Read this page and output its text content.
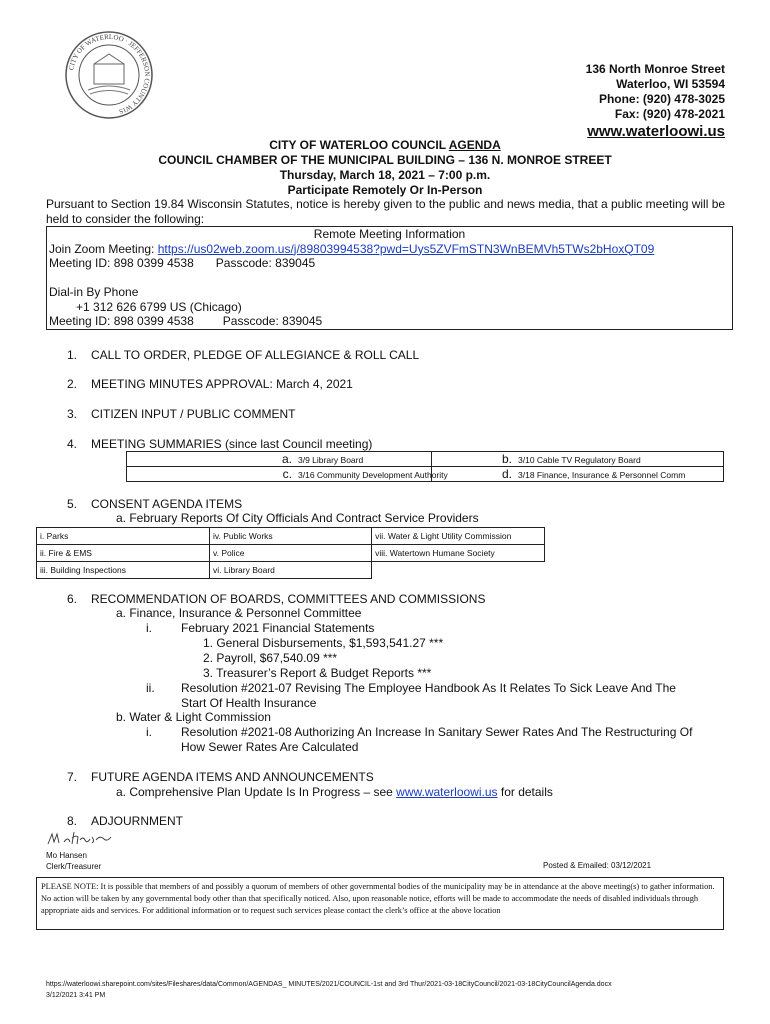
CITY OF WATERLOO · JEFFERSON COUNTY WIS
136 North Monroe Street
Waterloo, WI 53594
Phone: (920) 478-3025
Fax: (920) 478-2021
www.waterloowi.us
CITY OF WATERLOO COUNCIL AGENDA
COUNCIL CHAMBER OF THE MUNICIPAL BUILDING – 136 N. MONROE STREET
Thursday, March 18, 2021 – 7:00 p.m.
Participate Remotely Or In-Person
Pursuant to Section 19.84 Wisconsin Statutes, notice is hereby given to the public and news media, that a public meeting will be held to consider the following:
Remote Meeting Information
Join Zoom Meeting: https://us02web.zoom.us/j/89803994538?pwd=Uys5ZVFmSTN3WnBEMVh5TWs2bHoxQT09
Meeting ID: 898 0399 4538 Passcode: 839045
Dial-in By Phone
+1 312 626 6799 US (Chicago)
Meeting ID: 898 0399 4538 Passcode: 839045
1. CALL TO ORDER, PLEDGE OF ALLEGIANCE & ROLL CALL
2. MEETING MINUTES APPROVAL: March 4, 2021
3. CITIZEN INPUT / PUBLIC COMMENT
4. MEETING SUMMARIES (since last Council meeting)
a. 3/9 Library Board	b. 3/10 Cable TV Regulatory Board
c. 3/16 Community Development Authority	d. 3/18 Finance, Insurance & Personnel Comm
5. CONSENT AGENDA ITEMS
a. February Reports Of City Officials And Contract Service Providers
i. Parks	iv. Public Works	vii. Water & Light Utility Commission
ii. Fire & EMS	v. Police	viii. Watertown Humane Society
iii. Building Inspections	vi. Library Board	
6. RECOMMENDATION OF BOARDS, COMMITTEES AND COMMISSIONS
a. Finance, Insurance & Personnel Committee
i. February 2021 Financial Statements
1. General Disbursements, $1,593,541.27 ***
2. Payroll, $67,540.09 ***
3. Treasurer’s Report & Budget Reports ***
ii. Resolution #2021-07 Revising The Employee Handbook As It Relates To Sick Leave And The
Start Of Health Insurance
b. Water & Light Commission
i. Resolution #2021-08 Authorizing An Increase In Sanitary Sewer Rates And The Restructuring Of
How Sewer Rates Are Calculated
7. FUTURE AGENDA ITEMS AND ANNOUNCEMENTS
a. Comprehensive Plan Update Is In Progress – see www.waterloowi.us for details
8. ADJOURNMENT
Mo Hansen
Clerk/Treasurer	Posted & Emailed: 03/12/2021
PLEASE NOTE: It is possible that members of and possibly a quorum of members of other governmental bodies of the municipality may be in attendance at the above meeting(s) to gather information. No action will be taken by any governmental body other than that specifically noticed. Also, upon reasonable notice, efforts will be made to accommodate the needs of disabled individuals through appropriate aids and services. For additional information or to request such services please contact the clerk’s office at the above location
https://waterloowi.sharepoint.com/sites/Fileshares/data/Common/AGENDAS_ MINUTES/2021/COUNCIL-1st and 3rd Thur/2021-03-18CityCouncil/2021-03-18CityCouncilAgenda.docx
3/12/2021 3:41 PM
